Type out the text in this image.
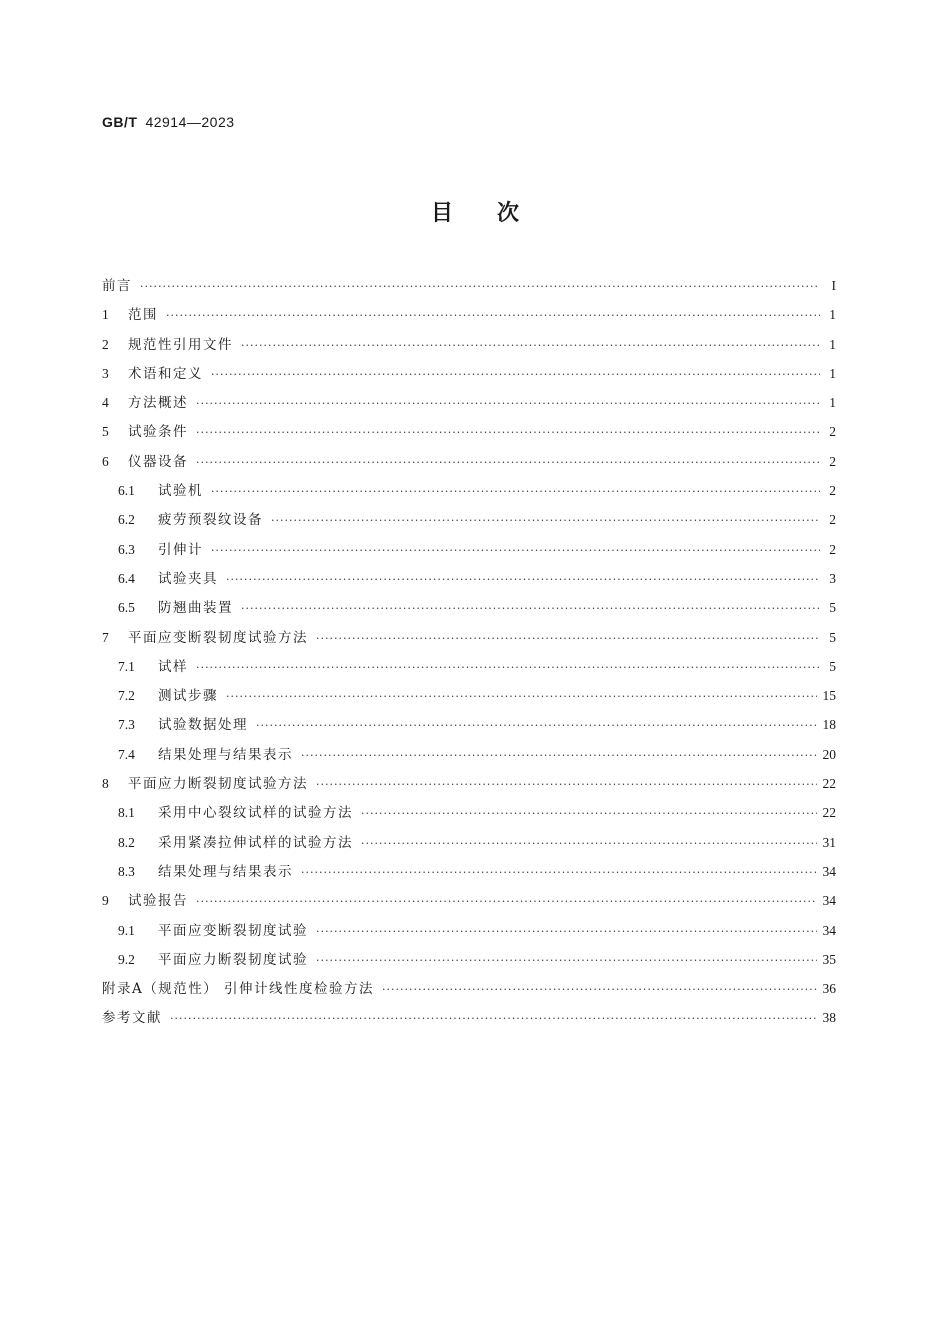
GB/T 42914—2023
目次
前言 ·····	I
1	范围 ·····	1
2	规范性引用文件 ·····	1
3	术语和定义 ·····	1
4	方法概述 ·····	1
5	试验条件 ·····	2
6	仪器设备 ·····	2
6.1	试验机 ·····	2
6.2	疲劳预裂纹设备 ·····	2
6.3	引伸计 ·····	2
6.4	试验夹具 ·····	3
6.5	防翘曲装置 ·····	5
7	平面应变断裂韧度试验方法 ·····	5
7.1	试样 ·····	5
7.2	测试步骤 ·····	15
7.3	试验数据处理 ·····	18
7.4	结果处理与结果表示 ·····	20
8	平面应力断裂韧度试验方法 ·····	22
8.1	采用中心裂纹试样的试验方法 ·····	22
8.2	采用紧凑拉伸试样的试验方法 ·····	31
8.3	结果处理与结果表示 ·····	34
9	试验报告 ·····	34
9.1	平面应变断裂韧度试验 ·····	34
9.2	平面应力断裂韧度试验 ·····	35
附录A（规范性） 引伸计线性度检验方法 ·····	36
参考文献 ·····	38
